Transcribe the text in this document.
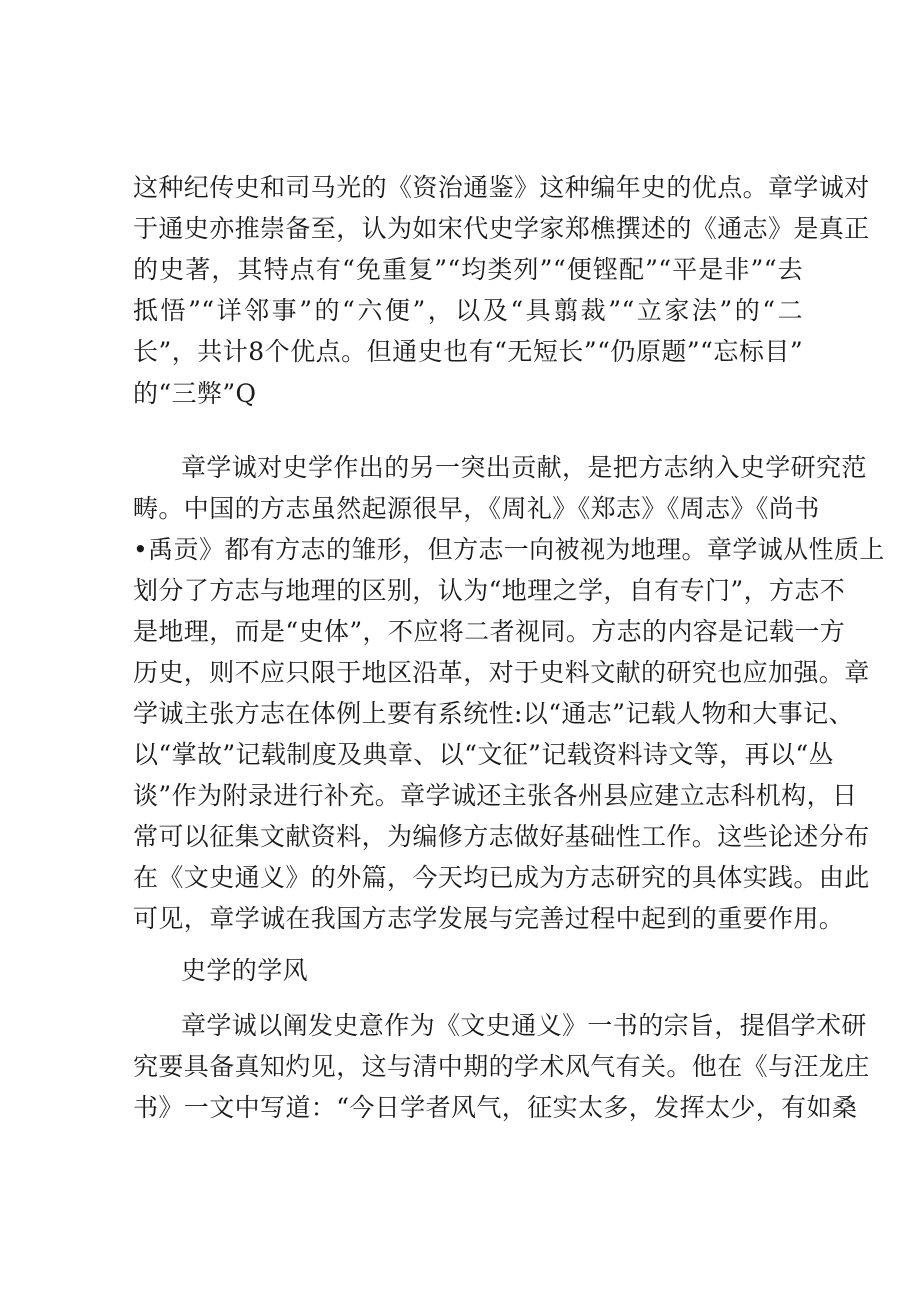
这种纪传史和司马光的《资治通鉴》这种编年史的优点。章学诚对
于通史亦推崇备至，认为如宋代史学家郑樵撰述的《通志》是真正
的史著，其特点有“免重复”“均类列”“便铿配”“平是非”“去
抵悟”“详邻事”的“六便”，以及“具翦裁”“立家法”的“二
长”，共计8个优点。但通史也有“无短长”“仍原题”“忘标目”
的“三弊”Q
章学诚对史学作出的另一突出贡献，是把方志纳入史学研究范
畴。中国的方志虽然起源很早，《周礼》《郑志》《周志》《尚书
•禹贡》都有方志的雏形，但方志一向被视为地理。章学诚从性质上
划分了方志与地理的区别，认为“地理之学，自有专门”，方志不
是地理，而是“史体”，不应将二者视同。方志的内容是记载一方
历史，则不应只限于地区沿革，对于史料文献的研究也应加强。章
学诚主张方志在体例上要有系统性:以“通志”记载人物和大事记、
以“掌故”记载制度及典章、以“文征”记载资料诗文等，再以“丛
谈”作为附录进行补充。章学诚还主张各州县应建立志科机构，日
常可以征集文献资料，为编修方志做好基础性工作。这些论述分布
在《文史通义》的外篇，今天均已成为方志研究的具体实践。由此
可见，章学诚在我国方志学发展与完善过程中起到的重要作用。
史学的学风
章学诚以阐发史意作为《文史通义》一书的宗旨，提倡学术研
究要具备真知灼见，这与清中期的学术风气有关。他在《与汪龙庄
书》一文中写道：“今日学者风气，征实太多，发挥太少，有如桑
